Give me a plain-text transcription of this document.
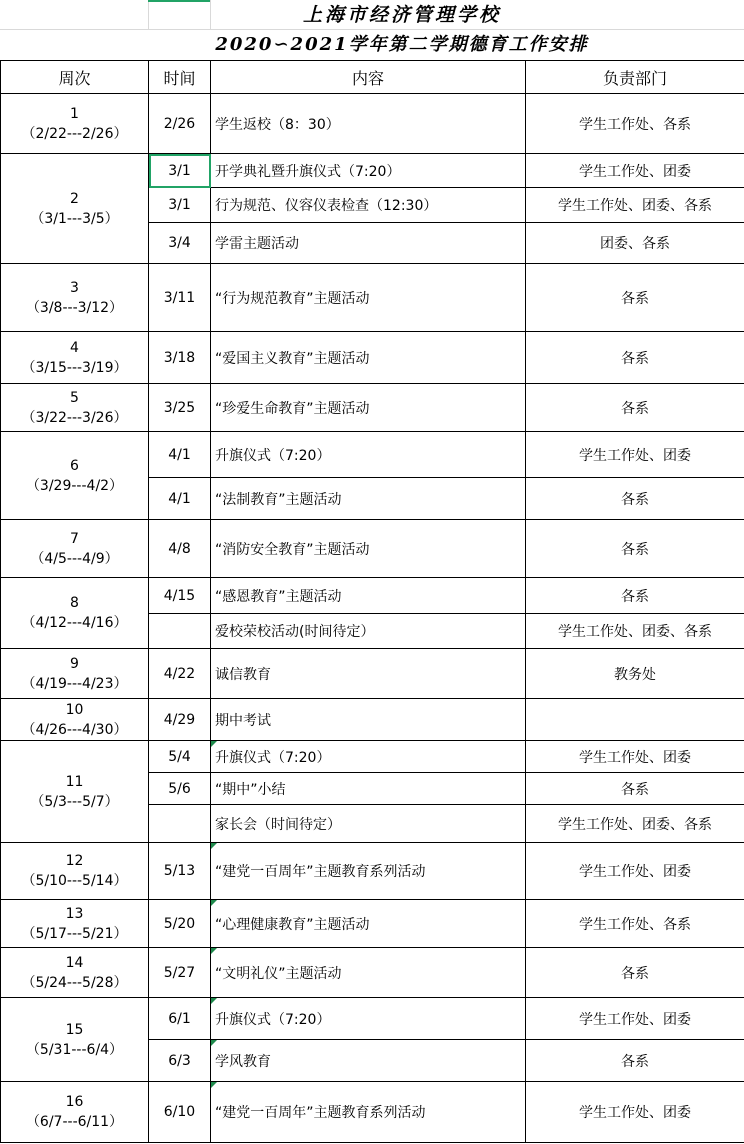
上海市经济管理学校
2020∽2021学年第二学期德育工作安排
周次	时间	内容	负责部门

1
（2/22---2/26）	2/26	学生返校（8：30）	学生工作处、各系

2
（3/1---3/5）	3/1	开学典礼暨升旗仪式（7:20）	学生工作处、团委
	3/1	行为规范、仪容仪表检查（12:30）	学生工作处、团委、各系
	3/4	学雷主题活动	团委、各系

3
（3/8---3/12）	3/11	“行为规范教育”主题活动	各系

4
（3/15---3/19）	3/18	“爱国主义教育”主题活动	各系

5
（3/22---3/26）	3/25	“珍爱生命教育”主题活动	各系

6
（3/29---4/2）	4/1	升旗仪式（7:20）	学生工作处、团委
	4/1	“法制教育”主题活动	各系

7
（4/5---4/9）	4/8	“消防安全教育”主题活动	各系

8
（4/12---4/16）	4/15	“感恩教育”主题活动	各系
		爱校荣校活动(时间待定）	学生工作处、团委、各系

9
（4/19---4/23）	4/22	诚信教育	教务处

10
（4/26---4/30）	4/29	期中考试	

11
（5/3---5/7）	5/4	升旗仪式（7:20）	学生工作处、团委
	5/6	“期中”小结	各系
		家长会（时间待定）	学生工作处、团委、各系

12
（5/10---5/14）	5/13	“建党一百周年”主题教育系列活动	学生工作处、团委

13
（5/17---5/21）	5/20	“心理健康教育”主题活动	学生工作处、各系

14
（5/24---5/28）	5/27	“文明礼仪”主题活动	各系

15
（5/31---6/4）	6/1	升旗仪式（7:20）	学生工作处、团委
	6/3	学风教育	各系

16
（6/7---6/11）	6/10	“建党一百周年”主题教育系列活动	学生工作处、团委
